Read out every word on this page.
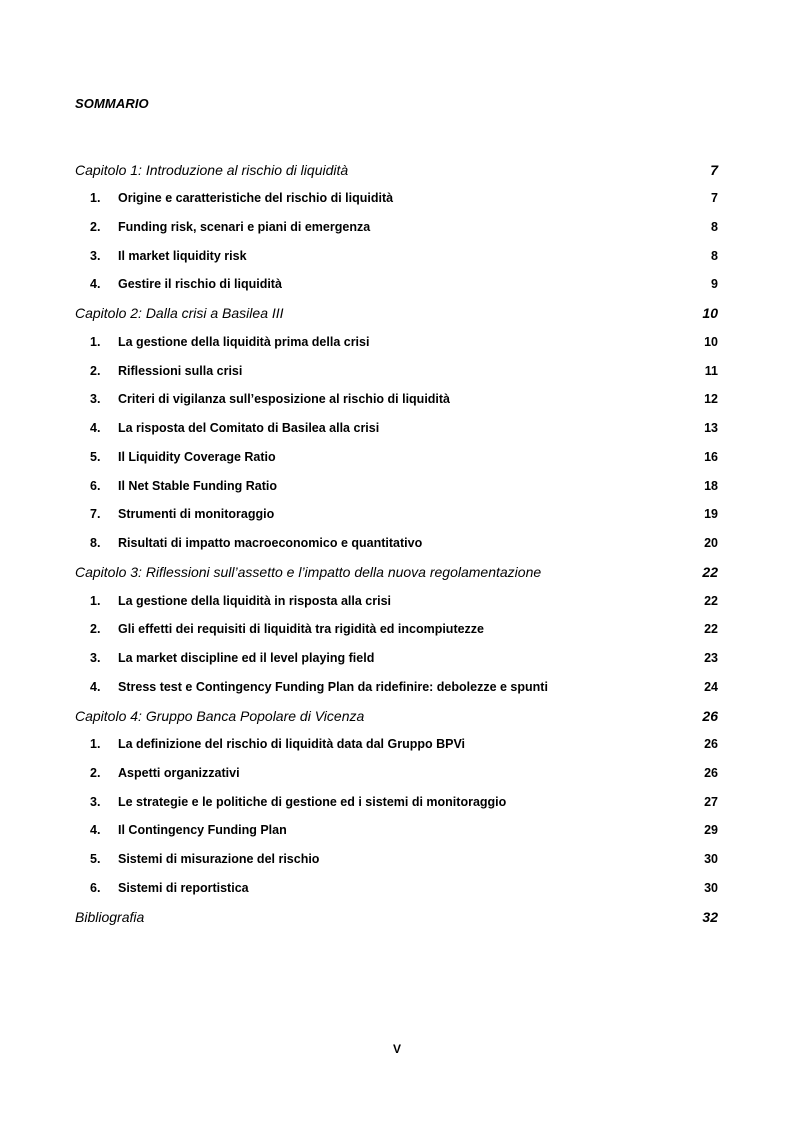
SOMMARIO
Capitolo 1: Introduzione al rischio di liquidità	7
1.	Origine e caratteristiche del rischio di liquidità	7
2.	Funding risk, scenari e piani di emergenza	8
3.	Il market liquidity risk	8
4.	Gestire il rischio di liquidità	9
Capitolo 2: Dalla crisi a Basilea III	10
1.	La gestione della liquidità prima della crisi	10
2.	Riflessioni sulla crisi	11
3.	Criteri di vigilanza sull’esposizione al rischio di liquidità	12
4.	La risposta del Comitato di Basilea alla crisi	13
5.	Il Liquidity Coverage Ratio	16
6.	Il Net Stable Funding Ratio	18
7.	Strumenti di monitoraggio	19
8.	Risultati di impatto macroeconomico e quantitativo	20
Capitolo 3: Riflessioni sull’assetto e l’impatto della nuova regolamentazione	22
1.	La gestione della liquidità in risposta alla crisi	22
2.	Gli effetti dei requisiti di liquidità tra rigidità ed incompiutezze	22
3.	La market discipline ed il level playing field	23
4.	Stress test e Contingency Funding Plan da ridefinire: debolezze e spunti	24
Capitolo 4: Gruppo Banca Popolare di Vicenza	26
1.	La definizione del rischio di liquidità data dal Gruppo BPVi	26
2.	Aspetti organizzativi	26
3.	Le strategie e le politiche di gestione ed i sistemi di monitoraggio	27
4.	Il Contingency Funding Plan	29
5.	Sistemi di misurazione del rischio	30
6.	Sistemi di reportistica	30
Bibliografia	32
V
